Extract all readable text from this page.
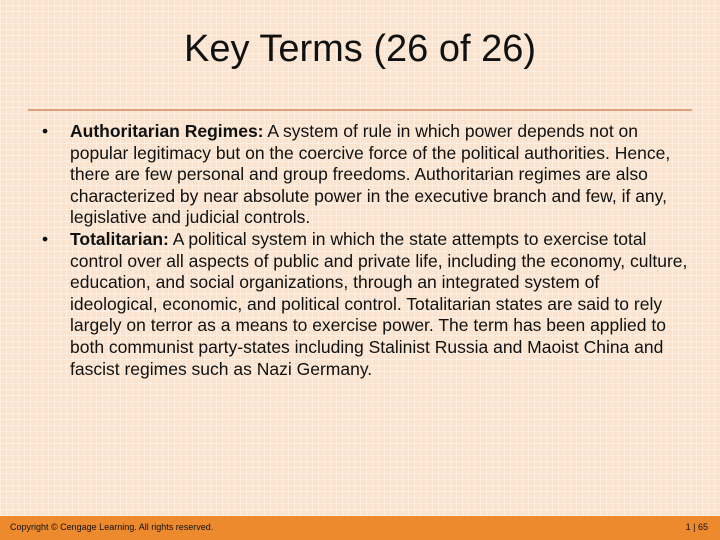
Key Terms (26 of 26)
• Authoritarian Regimes: A system of rule in which power depends not on popular legitimacy but on the coercive force of the political authorities. Hence, there are few personal and group freedoms. Authoritarian regimes are also characterized by near absolute power in the executive branch and few, if any, legislative and judicial controls.
• Totalitarian: A political system in which the state attempts to exercise total control over all aspects of public and private life, including the economy, culture, education, and social organizations, through an integrated system of ideological, economic, and political control. Totalitarian states are said to rely largely on terror as a means to exercise power. The term has been applied to both communist party-states including Stalinist Russia and Maoist China and fascist regimes such as Nazi Germany.
Copyright © Cengage Learning. All rights reserved.	1 | 65
